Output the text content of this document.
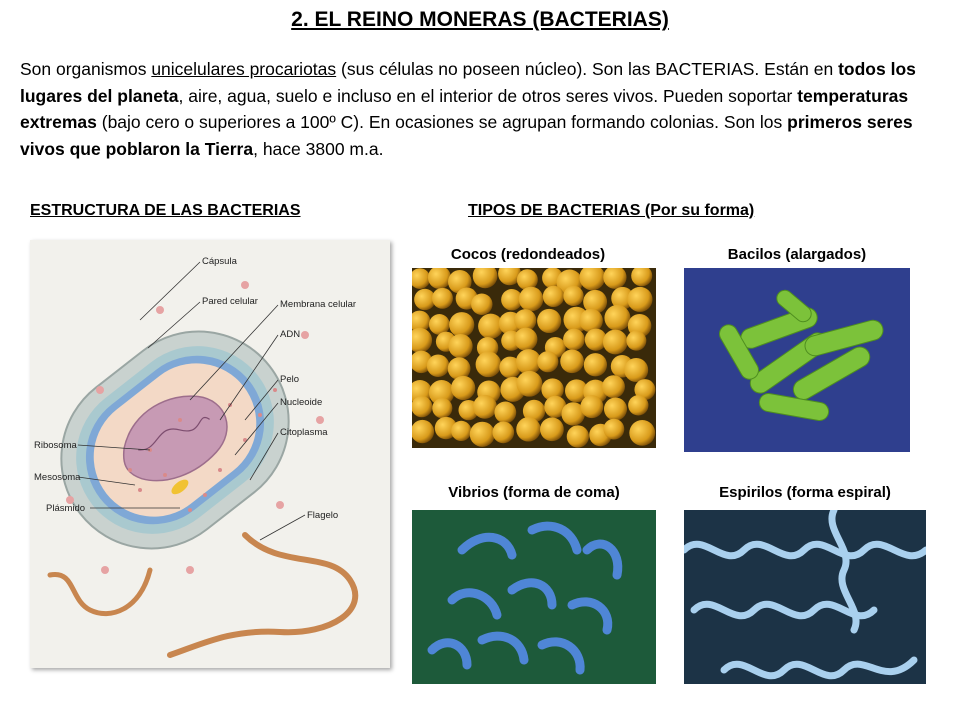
2. EL REINO MONERAS (BACTERIAS)
Son organismos unicelulares procariotas (sus células no poseen núcleo). Son las BACTERIAS. Están en todos los lugares del planeta, aire, agua, suelo e incluso en el interior de otros seres vivos. Pueden soportar temperaturas extremas (bajo cero o superiores a 100º C). En ocasiones se agrupan formando colonias. Son los primeros seres vivos que poblaron la Tierra, hace 3800 m.a.
ESTRUCTURA DE LAS BACTERIAS	TIPOS DE BACTERIAS (Por su forma)
Cápsula
Pared celular Membrana celular
ADN
Pelo
Nucleoide
Citoplasma
Ribosoma
Mesosoma
Plásmido
Flagelo
Cocos (redondeados)	Bacilos (alargados)
Vibrios (forma de coma)	Espirilos (forma espiral)
